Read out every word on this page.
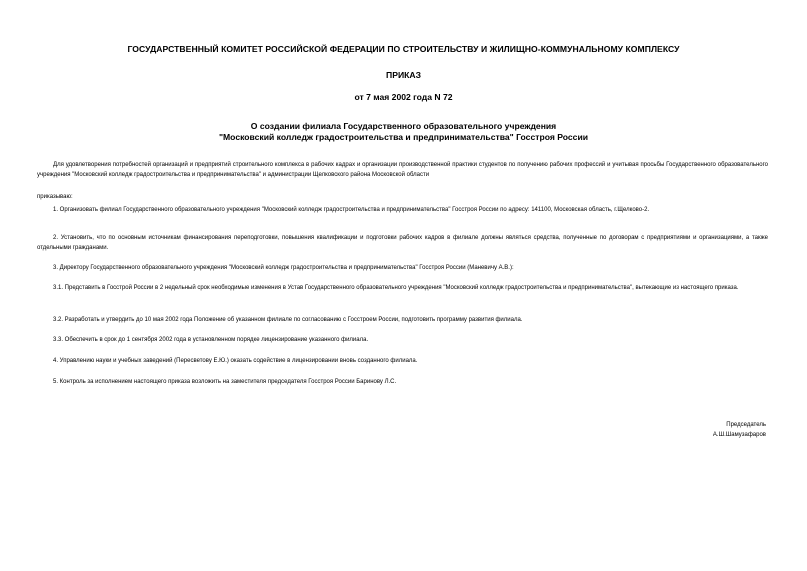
ГОСУДАРСТВЕННЫЙ КОМИТЕТ РОССИЙСКОЙ ФЕДЕРАЦИИ ПО СТРОИТЕЛЬСТВУ И ЖИЛИЩНО-КОММУНАЛЬНОМУ КОМПЛЕКСУ
ПРИКАЗ
от 7 мая 2002 года N 72
О создании филиала Государственного образовательного учреждения
"Московский колледж градостроительства и предпринимательства" Госстроя России

Для удовлетворения потребностей организаций и предприятий строительного комплекса в рабочих кадрах и организации производственной практики студентов по получению рабочих профессий и учитывая просьбы Государственного образовательного учреждения "Московский колледж градостроительства и предпринимательства" и администрации Щелковского района Московской области

приказываю:

1. Организовать филиал Государственного образовательного учреждения "Московский колледж градостроительства и предпринимательства" Госстроя России по адресу: 141100, Московская область, г.Щелково-2.

2. Установить, что по основным источникам финансирования переподготовки, повышения квалификации и подготовки рабочих кадров в филиале должны являться средства, полученные по договорам с предприятиями и организациями, а также отдельными гражданами.

3. Директору Государственного образовательного учреждения "Московский колледж градостроительства и предпринимательства" Госстроя России (Маневичу А.В.):

3.1. Представить в Госстрой России в 2 недельный срок необходимые изменения в Устав Государственного образовательного учреждения "Московский колледж градостроительства и предпринимательства", вытекающие из настоящего приказа.

3.2. Разработать и утвердить до 10 мая 2002 года Положение об указанном филиале по согласованию с Госстроем России, подготовить программу развития филиала.

3.3. Обеспечить в срок до 1 сентября 2002 года в установленном порядке лицензирование указанного филиала.

4. Управлению науки и учебных заведений (Пересветову Е.Ю.) оказать содействие в лицензировании вновь созданного филиала.

5. Контроль за исполнением настоящего приказа возложить на заместителя председателя Госстроя России Баринову Л.С.

Председатель
А.Ш.Шамузафаров
